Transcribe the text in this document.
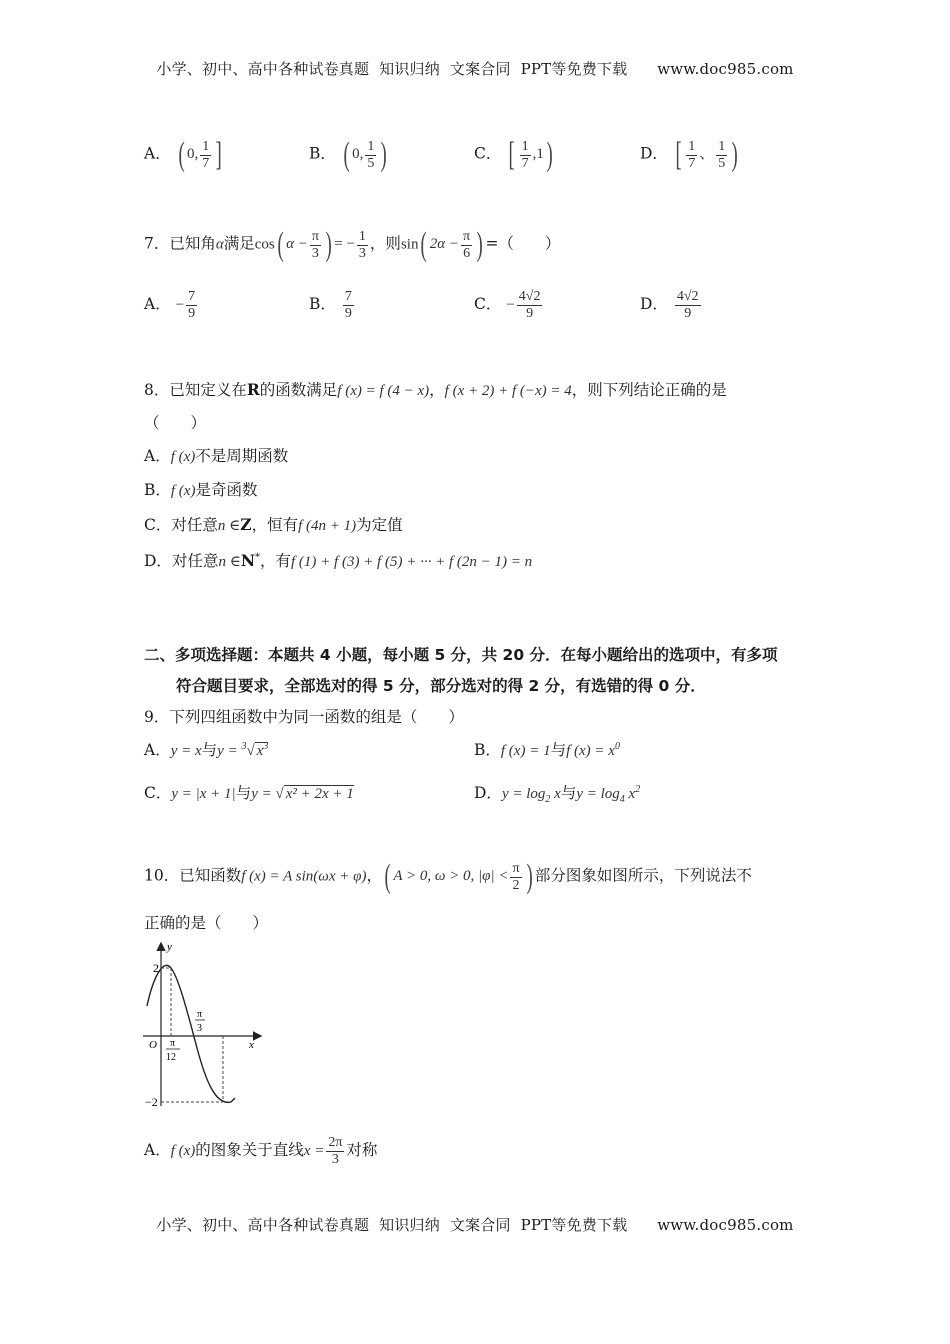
小学、初中、高中各种试卷真题  知识归纳  文案合同  PPT等免费下载      www.doc985.com
A． ( 0, $\frac{1}{7}$ ]	B． ( 0, $\frac{1}{5}$ )	C． [ $\frac{1}{7} ,1$)	D． [ $\frac{1}{7}$ 、 $\frac{1}{5}$ )
7．已知角α满足cos( $\alpha - \frac{\pi}{3}$ ) = − $\frac{1}{3}$ ，则sin( $2\alpha - \frac{\pi}{6}$ ) =（　　）
A． − $\frac{7}{9}$	B． $\frac{7}{9}$	C． − $\frac{4√2}{9}$	D． $\frac{4√2}{9}$
8．已知定义在R的函数满足f (x) = f (4 − x)，f (x + 2) + f (−x) = 4，则下列结论正确的是
（　　）
A．f (x)不是周期函数
B．f (x)是奇函数
C．对任意n ∈Z，恒有f (4n + 1)为定值
D．对任意n ∈N*，有f (1) + f (3) + f (5) + ··· + f (2n − 1) = n
二、多项选择题：本题共 4 小题，每小题 5 分，共 20 分．在每小题给出的选项中，有多项
符合题目要求，全部选对的得 5 分，部分选对的得 2 分，有选错的得 0 分．
9．下列四组函数中为同一函数的组是（　　）
A．y = x与y = $^3$√ $x^3$	B．f (x) = 1与f $(x) = x^0$
C．y = |x + 1|与y = √ x² + 2x + 1	D．$y = \log_2 x$与$y = \log_4 x^2$
10．已知函数f (x) = A sin(ωx + φ)，( A > 0, ω > 0, $|\varphi| < \frac{\pi}{2}$ ) 部分图象如图所示，下列说法不
正确的是（　　）
y
x
O
2
−2
π
12
π
3
A．f (x)的图象关于直线$x = \frac{2\pi}{3}$ 对称
小学、初中、高中各种试卷真题  知识归纳  文案合同  PPT等免费下载      www.doc985.com
